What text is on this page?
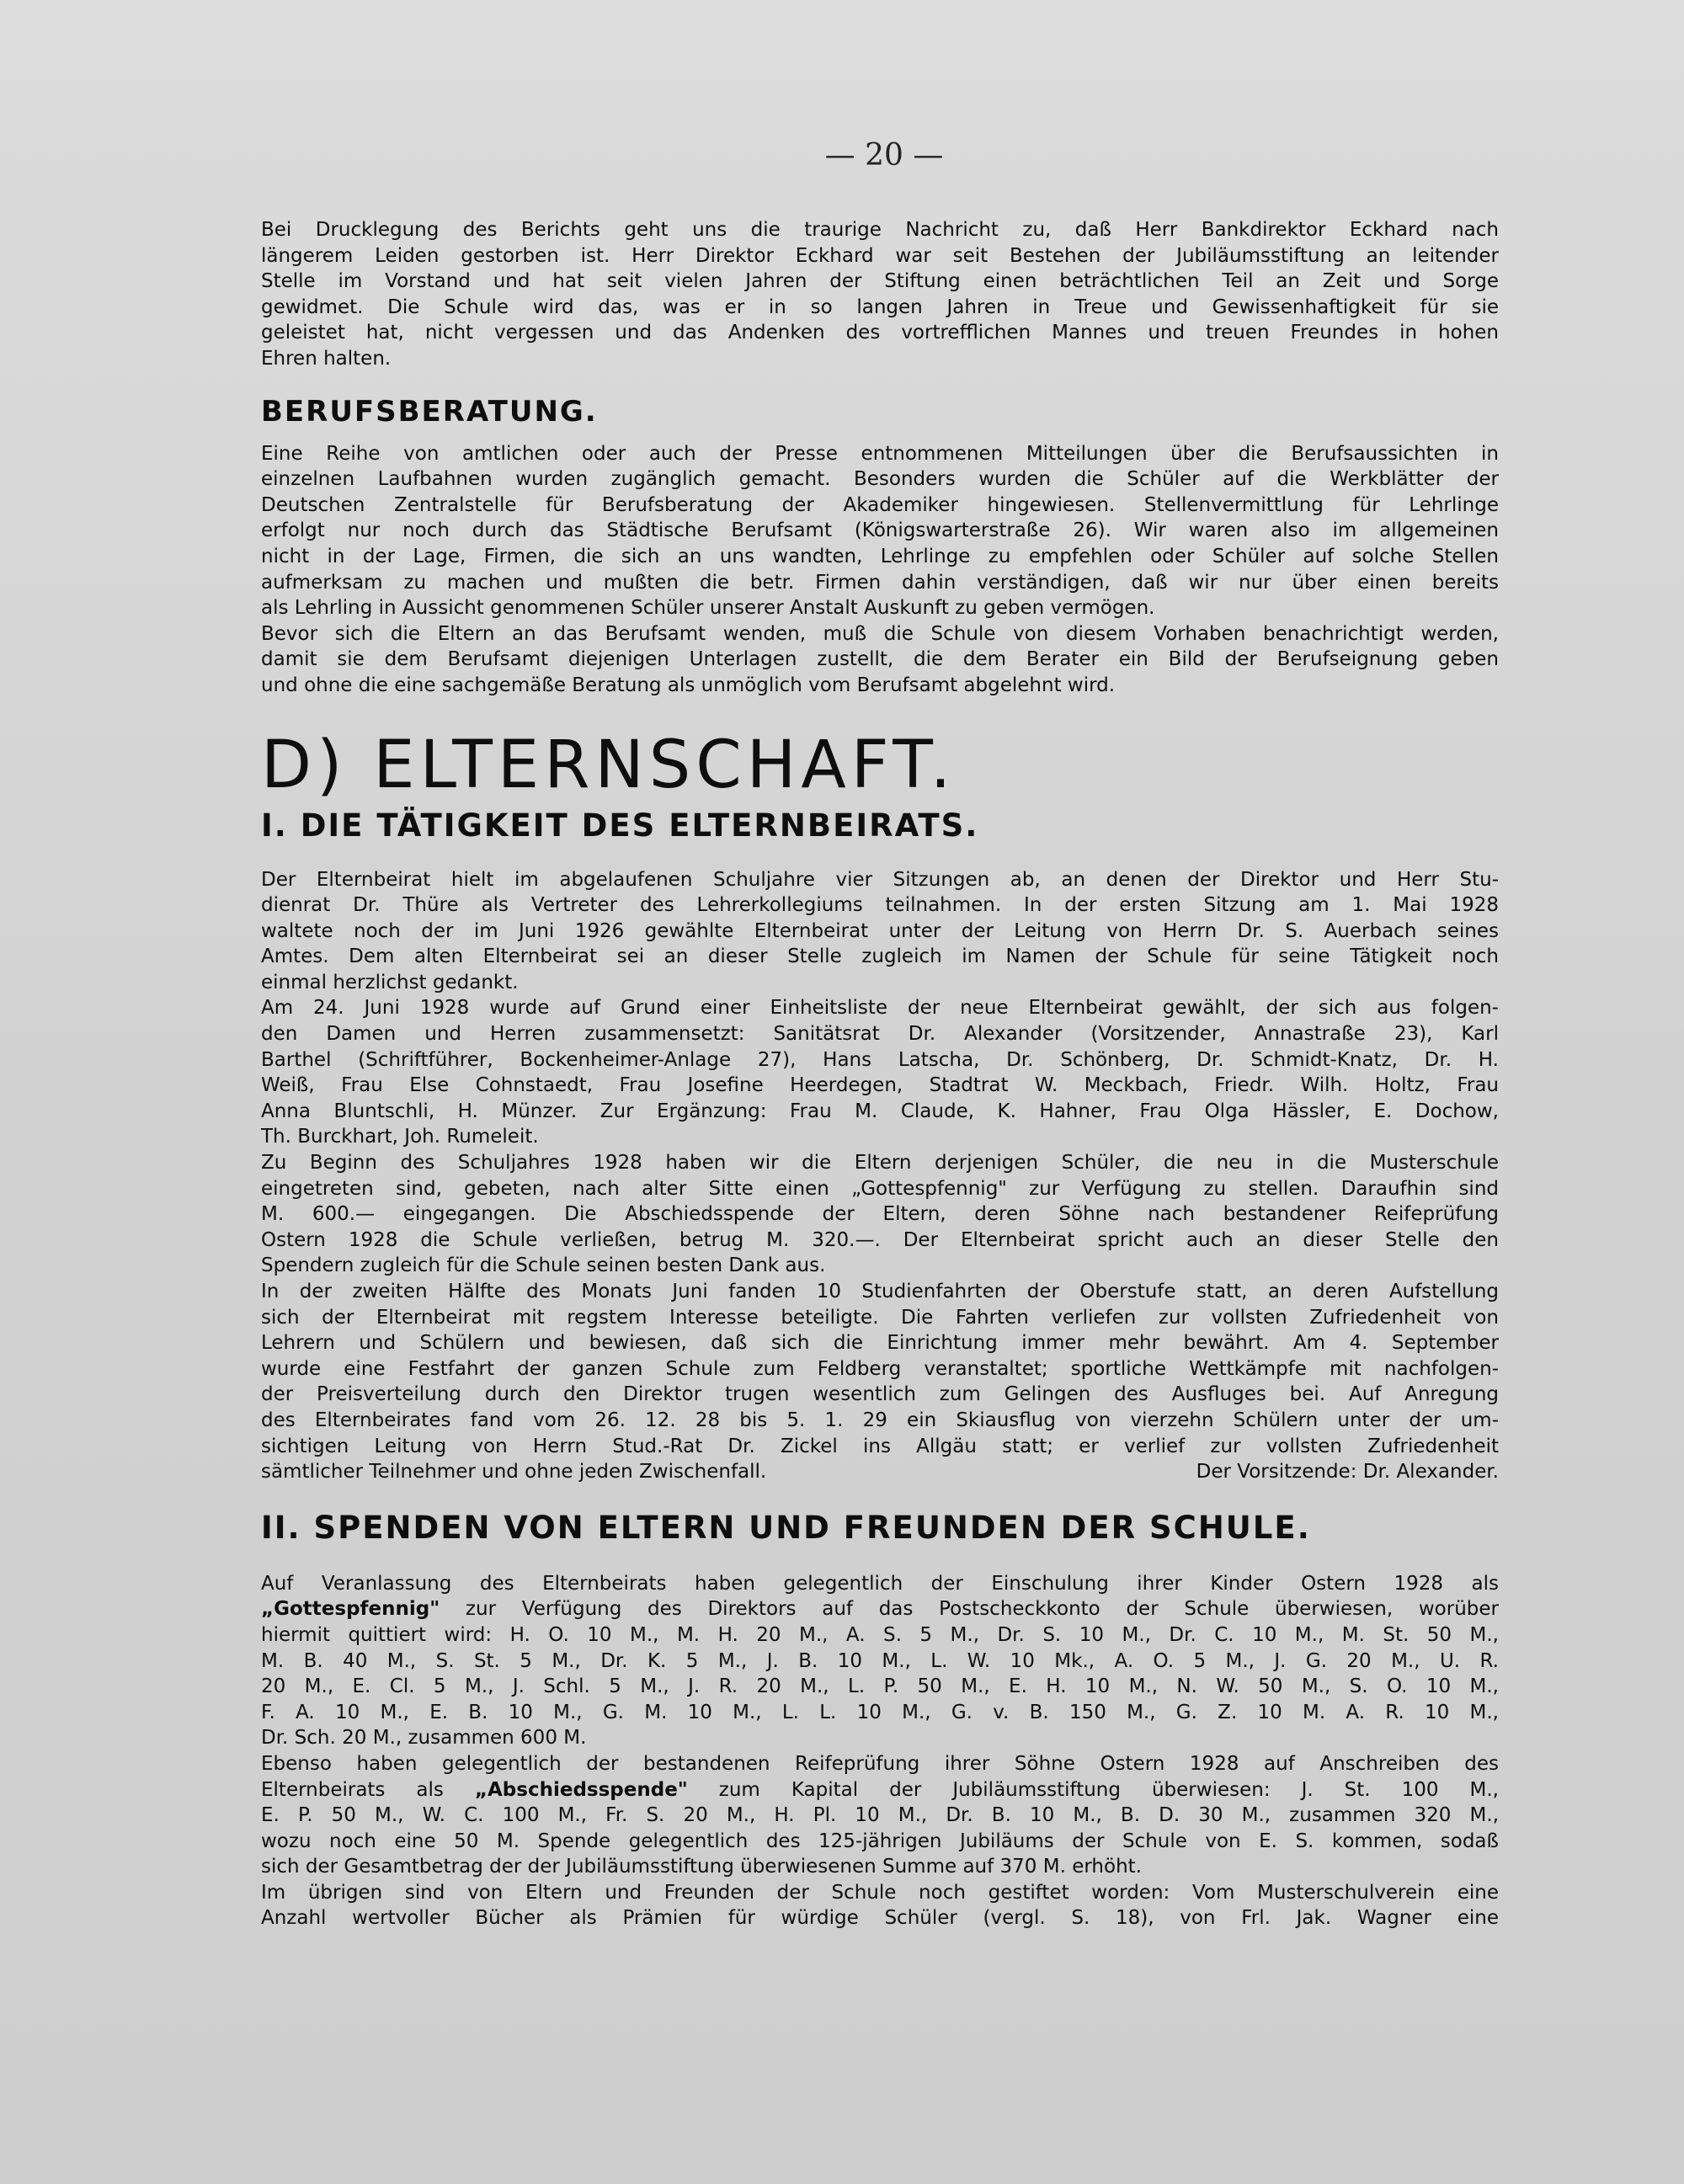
— 20 —

Bei Drucklegung des Berichts geht uns die traurige Nachricht zu, daß Herr Bankdirektor Eckhard nach

längerem Leiden gestorben ist. Herr Direktor Eckhard war seit Bestehen der Jubiläumsstiftung an leitender

Stelle im Vorstand und hat seit vielen Jahren der Stiftung einen beträchtlichen Teil an Zeit und Sorge

gewidmet. Die Schule wird das, was er in so langen Jahren in Treue und Gewissenhaftigkeit für sie

geleistet hat, nicht vergessen und das Andenken des vortrefflichen Mannes und treuen Freundes in hohen

Ehren halten.

BERUFSBERATUNG.

Eine Reihe von amtlichen oder auch der Presse entnommenen Mitteilungen über die Berufsaussichten in

einzelnen Laufbahnen wurden zugänglich gemacht. Besonders wurden die Schüler auf die Werkblätter der

Deutschen Zentralstelle für Berufsberatung der Akademiker hingewiesen. Stellenvermittlung für Lehrlinge

erfolgt nur noch durch das Städtische Berufsamt (Königswarterstraße 26). Wir waren also im allgemeinen

nicht in der Lage, Firmen, die sich an uns wandten, Lehrlinge zu empfehlen oder Schüler auf solche Stellen

aufmerksam zu machen und mußten die betr. Firmen dahin verständigen, daß wir nur über einen bereits

als Lehrling in Aussicht genommenen Schüler unserer Anstalt Auskunft zu geben vermögen.

Bevor sich die Eltern an das Berufsamt wenden, muß die Schule von diesem Vorhaben benachrichtigt werden,

damit sie dem Berufsamt diejenigen Unterlagen zustellt, die dem Berater ein Bild der Berufseignung geben

und ohne die eine sachgemäße Beratung als unmöglich vom Berufsamt abgelehnt wird.

D) ELTERNSCHAFT.
I. DIE TÄTIGKEIT DES ELTERNBEIRATS.

Der Elternbeirat hielt im abgelaufenen Schuljahre vier Sitzungen ab, an denen der Direktor und Herr Stu-

dienrat Dr. Thüre als Vertreter des Lehrerkollegiums teilnahmen. In der ersten Sitzung am 1. Mai 1928

waltete noch der im Juni 1926 gewählte Elternbeirat unter der Leitung von Herrn Dr. S. Auerbach seines

Amtes. Dem alten Elternbeirat sei an dieser Stelle zugleich im Namen der Schule für seine Tätigkeit noch

einmal herzlichst gedankt.

Am 24. Juni 1928 wurde auf Grund einer Einheitsliste der neue Elternbeirat gewählt, der sich aus folgen-

den Damen und Herren zusammensetzt: Sanitätsrat Dr. Alexander (Vorsitzender, Annastraße 23), Karl

Barthel (Schriftführer, Bockenheimer-Anlage 27), Hans Latscha, Dr. Schönberg, Dr. Schmidt-Knatz, Dr. H.

Weiß, Frau Else Cohnstaedt, Frau Josefine Heerdegen, Stadtrat W. Meckbach, Friedr. Wilh. Holtz, Frau

Anna Bluntschli, H. Münzer. Zur Ergänzung: Frau M. Claude, K. Hahner, Frau Olga Hässler, E. Dochow,

Th. Burckhart, Joh. Rumeleit.

Zu Beginn des Schuljahres 1928 haben wir die Eltern derjenigen Schüler, die neu in die Musterschule

eingetreten sind, gebeten, nach alter Sitte einen „Gottespfennig" zur Verfügung zu stellen. Daraufhin sind

M. 600.— eingegangen. Die Abschiedsspende der Eltern, deren Söhne nach bestandener Reifeprüfung

Ostern 1928 die Schule verließen, betrug M. 320.—. Der Elternbeirat spricht auch an dieser Stelle den

Spendern zugleich für die Schule seinen besten Dank aus.

In der zweiten Hälfte des Monats Juni fanden 10 Studienfahrten der Oberstufe statt, an deren Aufstellung

sich der Elternbeirat mit regstem Interesse beteiligte. Die Fahrten verliefen zur vollsten Zufriedenheit von

Lehrern und Schülern und bewiesen, daß sich die Einrichtung immer mehr bewährt. Am 4. September

wurde eine Festfahrt der ganzen Schule zum Feldberg veranstaltet; sportliche Wettkämpfe mit nachfolgen-

der Preisverteilung durch den Direktor trugen wesentlich zum Gelingen des Ausfluges bei. Auf Anregung

des Elternbeirates fand vom 26. 12. 28 bis 5. 1. 29 ein Skiausflug von vierzehn Schülern unter der um-

sichtigen Leitung von Herrn Stud.-Rat Dr. Zickel ins Allgäu statt; er verlief zur vollsten Zufriedenheit

sämtlicher Teilnehmer und ohne jeden Zwischenfall.	Der Vorsitzende: Dr. Alexander.
II. SPENDEN VON ELTERN UND FREUNDEN DER SCHULE.

Auf Veranlassung des Elternbeirats haben gelegentlich der Einschulung ihrer Kinder Ostern 1928 als

„Gottespfennig" zur Verfügung des Direktors auf das Postscheckkonto der Schule überwiesen, worüber

hiermit quittiert wird: H. O. 10 M., M. H. 20 M., A. S. 5 M., Dr. S. 10 M., Dr. C. 10 M., M. St. 50 M.,

M. B. 40 M., S. St. 5 M., Dr. K. 5 M., J. B. 10 M., L. W. 10 Mk., A. O. 5 M., J. G. 20 M., U. R.

20 M., E. Cl. 5 M., J. Schl. 5 M., J. R. 20 M., L. P. 50 M., E. H. 10 M., N. W. 50 M., S. O. 10 M.,

F. A. 10 M., E. B. 10 M., G. M. 10 M., L. L. 10 M., G. v. B. 150 M., G. Z. 10 M. A. R. 10 M.,

Dr. Sch. 20 M., zusammen 600 M.

Ebenso haben gelegentlich der bestandenen Reifeprüfung ihrer Söhne Ostern 1928 auf Anschreiben des

Elternbeirats als „Abschiedsspende" zum Kapital der Jubiläumsstiftung überwiesen: J. St. 100 M.,

E. P. 50 M., W. C. 100 M., Fr. S. 20 M., H. Pl. 10 M., Dr. B. 10 M., B. D. 30 M., zusammen 320 M.,

wozu noch eine 50 M. Spende gelegentlich des 125-jährigen Jubiläums der Schule von E. S. kommen, sodaß

sich der Gesamtbetrag der der Jubiläumsstiftung überwiesenen Summe auf 370 M. erhöht.

Im übrigen sind von Eltern und Freunden der Schule noch gestiftet worden: Vom Musterschulverein eine

Anzahl wertvoller Bücher als Prämien für würdige Schüler (vergl. S. 18), von Frl. Jak. Wagner eine
